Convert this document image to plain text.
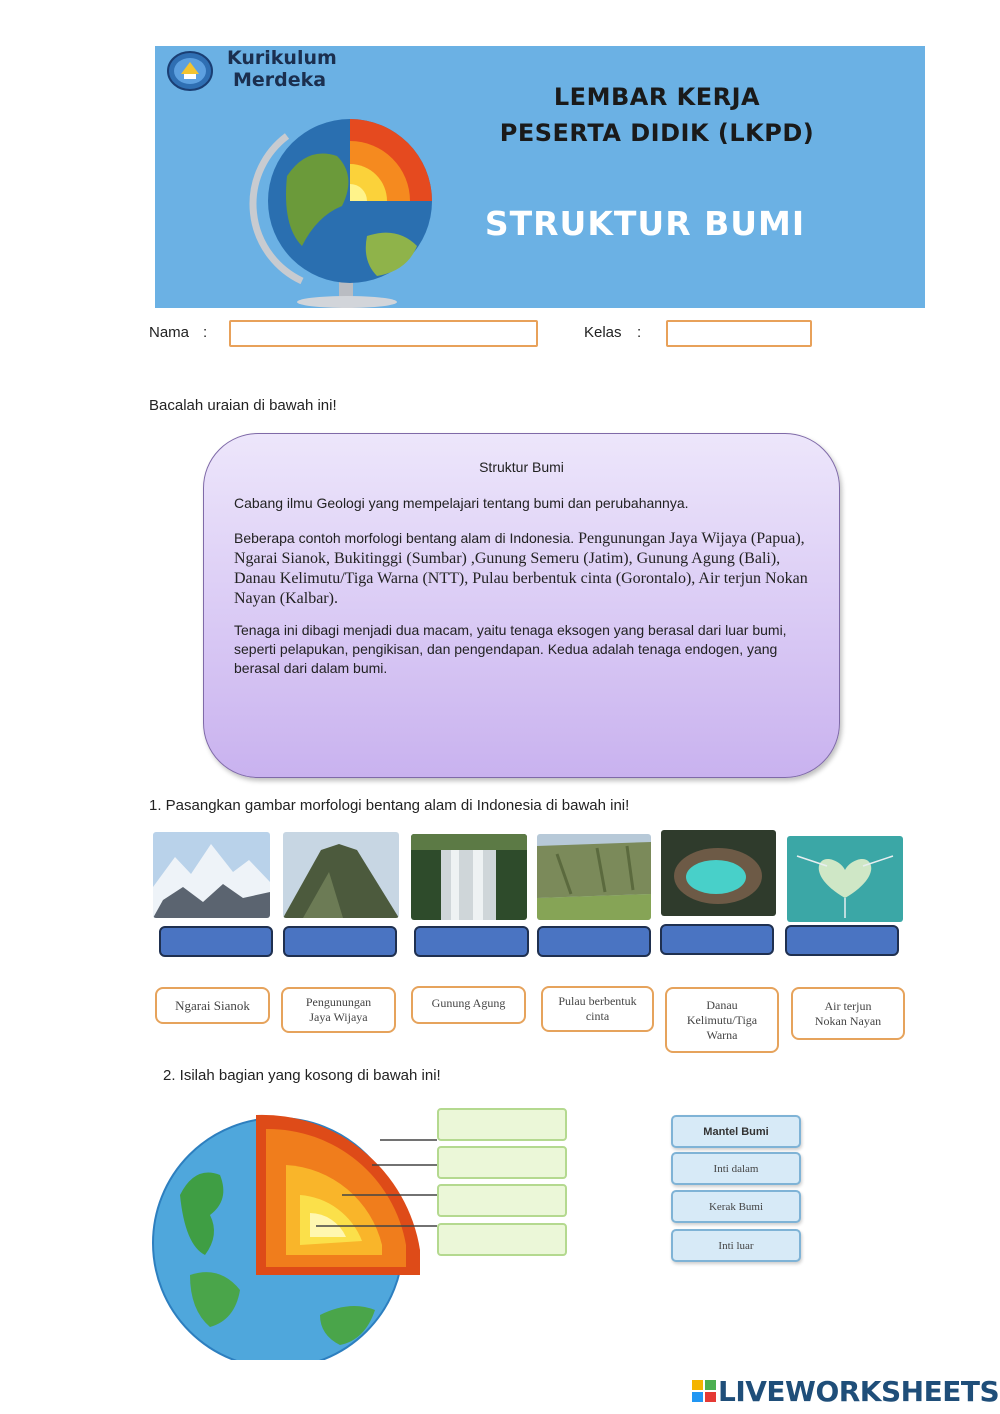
Kurikulum
Merdeka
LEMBAR KERJA
PESERTA DIDIK (LKPD)
STRUKTUR BUMI
Nama :	Kelas :
Bacalah uraian di bawah ini!
Struktur Bumi
Cabang ilmu Geologi yang mempelajari tentang bumi dan perubahannya.
Beberapa contoh morfologi bentang alam di Indonesia. Pengunungan Jaya Wijaya (Papua), Ngarai Sianok, Bukitinggi (Sumbar) ,Gunung Semeru (Jatim), Gunung Agung (Bali), Danau Kelimutu/Tiga Warna (NTT), Pulau berbentuk cinta (Gorontalo), Air terjun Nokan Nayan (Kalbar).
Tenaga ini dibagi menjadi dua macam, yaitu tenaga eksogen yang berasal dari luar bumi, seperti pelapukan, pengikisan, dan pengendapan. Kedua adalah tenaga endogen, yang berasal dari dalam bumi.
1. Pasangkan gambar morfologi bentang alam di Indonesia di bawah ini!
Ngarai Sianok	Pengunungan Jaya Wijaya
Gunung Agung	Pulau berbentuk cinta
Danau Kelimutu/Tiga Warna
Air terjun Nokan Nayan
2. Isilah bagian yang kosong di bawah ini!
Mantel Bumi
Inti dalam
Kerak Bumi
Inti luar
LIVEWORKSHEETS
